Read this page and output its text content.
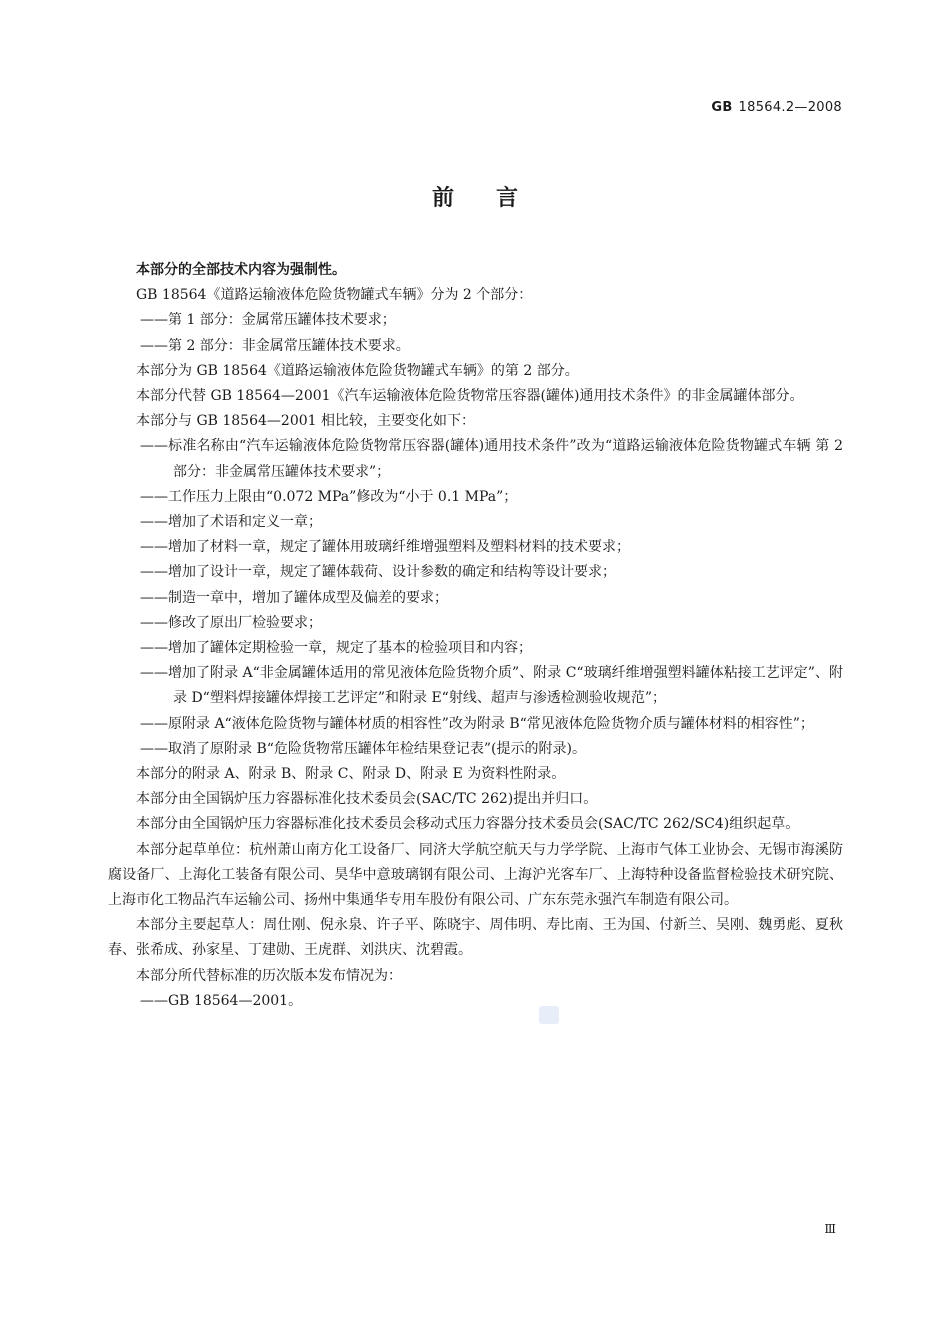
GB 18564.2—2008
前言

本部分的全部技术内容为强制性。

GB 18564《道路运输液体危险货物罐式车辆》分为 2 个部分：

——第 1 部分：金属常压罐体技术要求；

——第 2 部分：非金属常压罐体技术要求。

本部分为 GB 18564《道路运输液体危险货物罐式车辆》的第 2 部分。

本部分代替 GB 18564—2001《汽车运输液体危险货物常压容器(罐体)通用技术条件》的非金属罐体部分。

本部分与 GB 18564—2001 相比较，主要变化如下：

——标准名称由“汽车运输液体危险货物常压容器(罐体)通用技术条件”改为“道路运输液体危险货物罐式车辆 第 2 部分：非金属常压罐体技术要求”；

——工作压力上限由“0.072 MPa”修改为“小于 0.1 MPa”；

——增加了术语和定义一章；

——增加了材料一章，规定了罐体用玻璃纤维增强塑料及塑料材料的技术要求；

——增加了设计一章，规定了罐体载荷、设计参数的确定和结构等设计要求；

——制造一章中，增加了罐体成型及偏差的要求；

——修改了原出厂检验要求；

——增加了罐体定期检验一章，规定了基本的检验项目和内容；

——增加了附录 A“非金属罐体适用的常见液体危险货物介质”、附录 C“玻璃纤维增强塑料罐体粘接工艺评定”、附录 D“塑料焊接罐体焊接工艺评定”和附录 E“射线、超声与渗透检测验收规范”；

——原附录 A“液体危险货物与罐体材质的相容性”改为附录 B“常见液体危险货物介质与罐体材料的相容性”；

——取消了原附录 B“危险货物常压罐体年检结果登记表”(提示的附录)。

本部分的附录 A、附录 B、附录 C、附录 D、附录 E 为资料性附录。

本部分由全国锅炉压力容器标准化技术委员会(SAC/TC 262)提出并归口。

本部分由全国锅炉压力容器标准化技术委员会移动式压力容器分技术委员会(SAC/TC 262/SC4)组织起草。

本部分起草单位：杭州萧山南方化工设备厂、同济大学航空航天与力学学院、上海市气体工业协会、无锡市海溪防腐设备厂、上海化工装备有限公司、昊华中意玻璃钢有限公司、上海沪光客车厂、上海特种设备监督检验技术研究院、上海市化工物品汽车运输公司、扬州中集通华专用车股份有限公司、广东东莞永强汽车制造有限公司。

本部分主要起草人：周仕刚、倪永泉、许子平、陈晓宇、周伟明、寿比南、王为国、付新兰、吴刚、魏勇彪、夏秋春、张希成、孙家星、丁建勋、王虎群、刘洪庆、沈碧霞。

本部分所代替标准的历次版本发布情况为：

——GB 18564—2001。

Ⅲ
